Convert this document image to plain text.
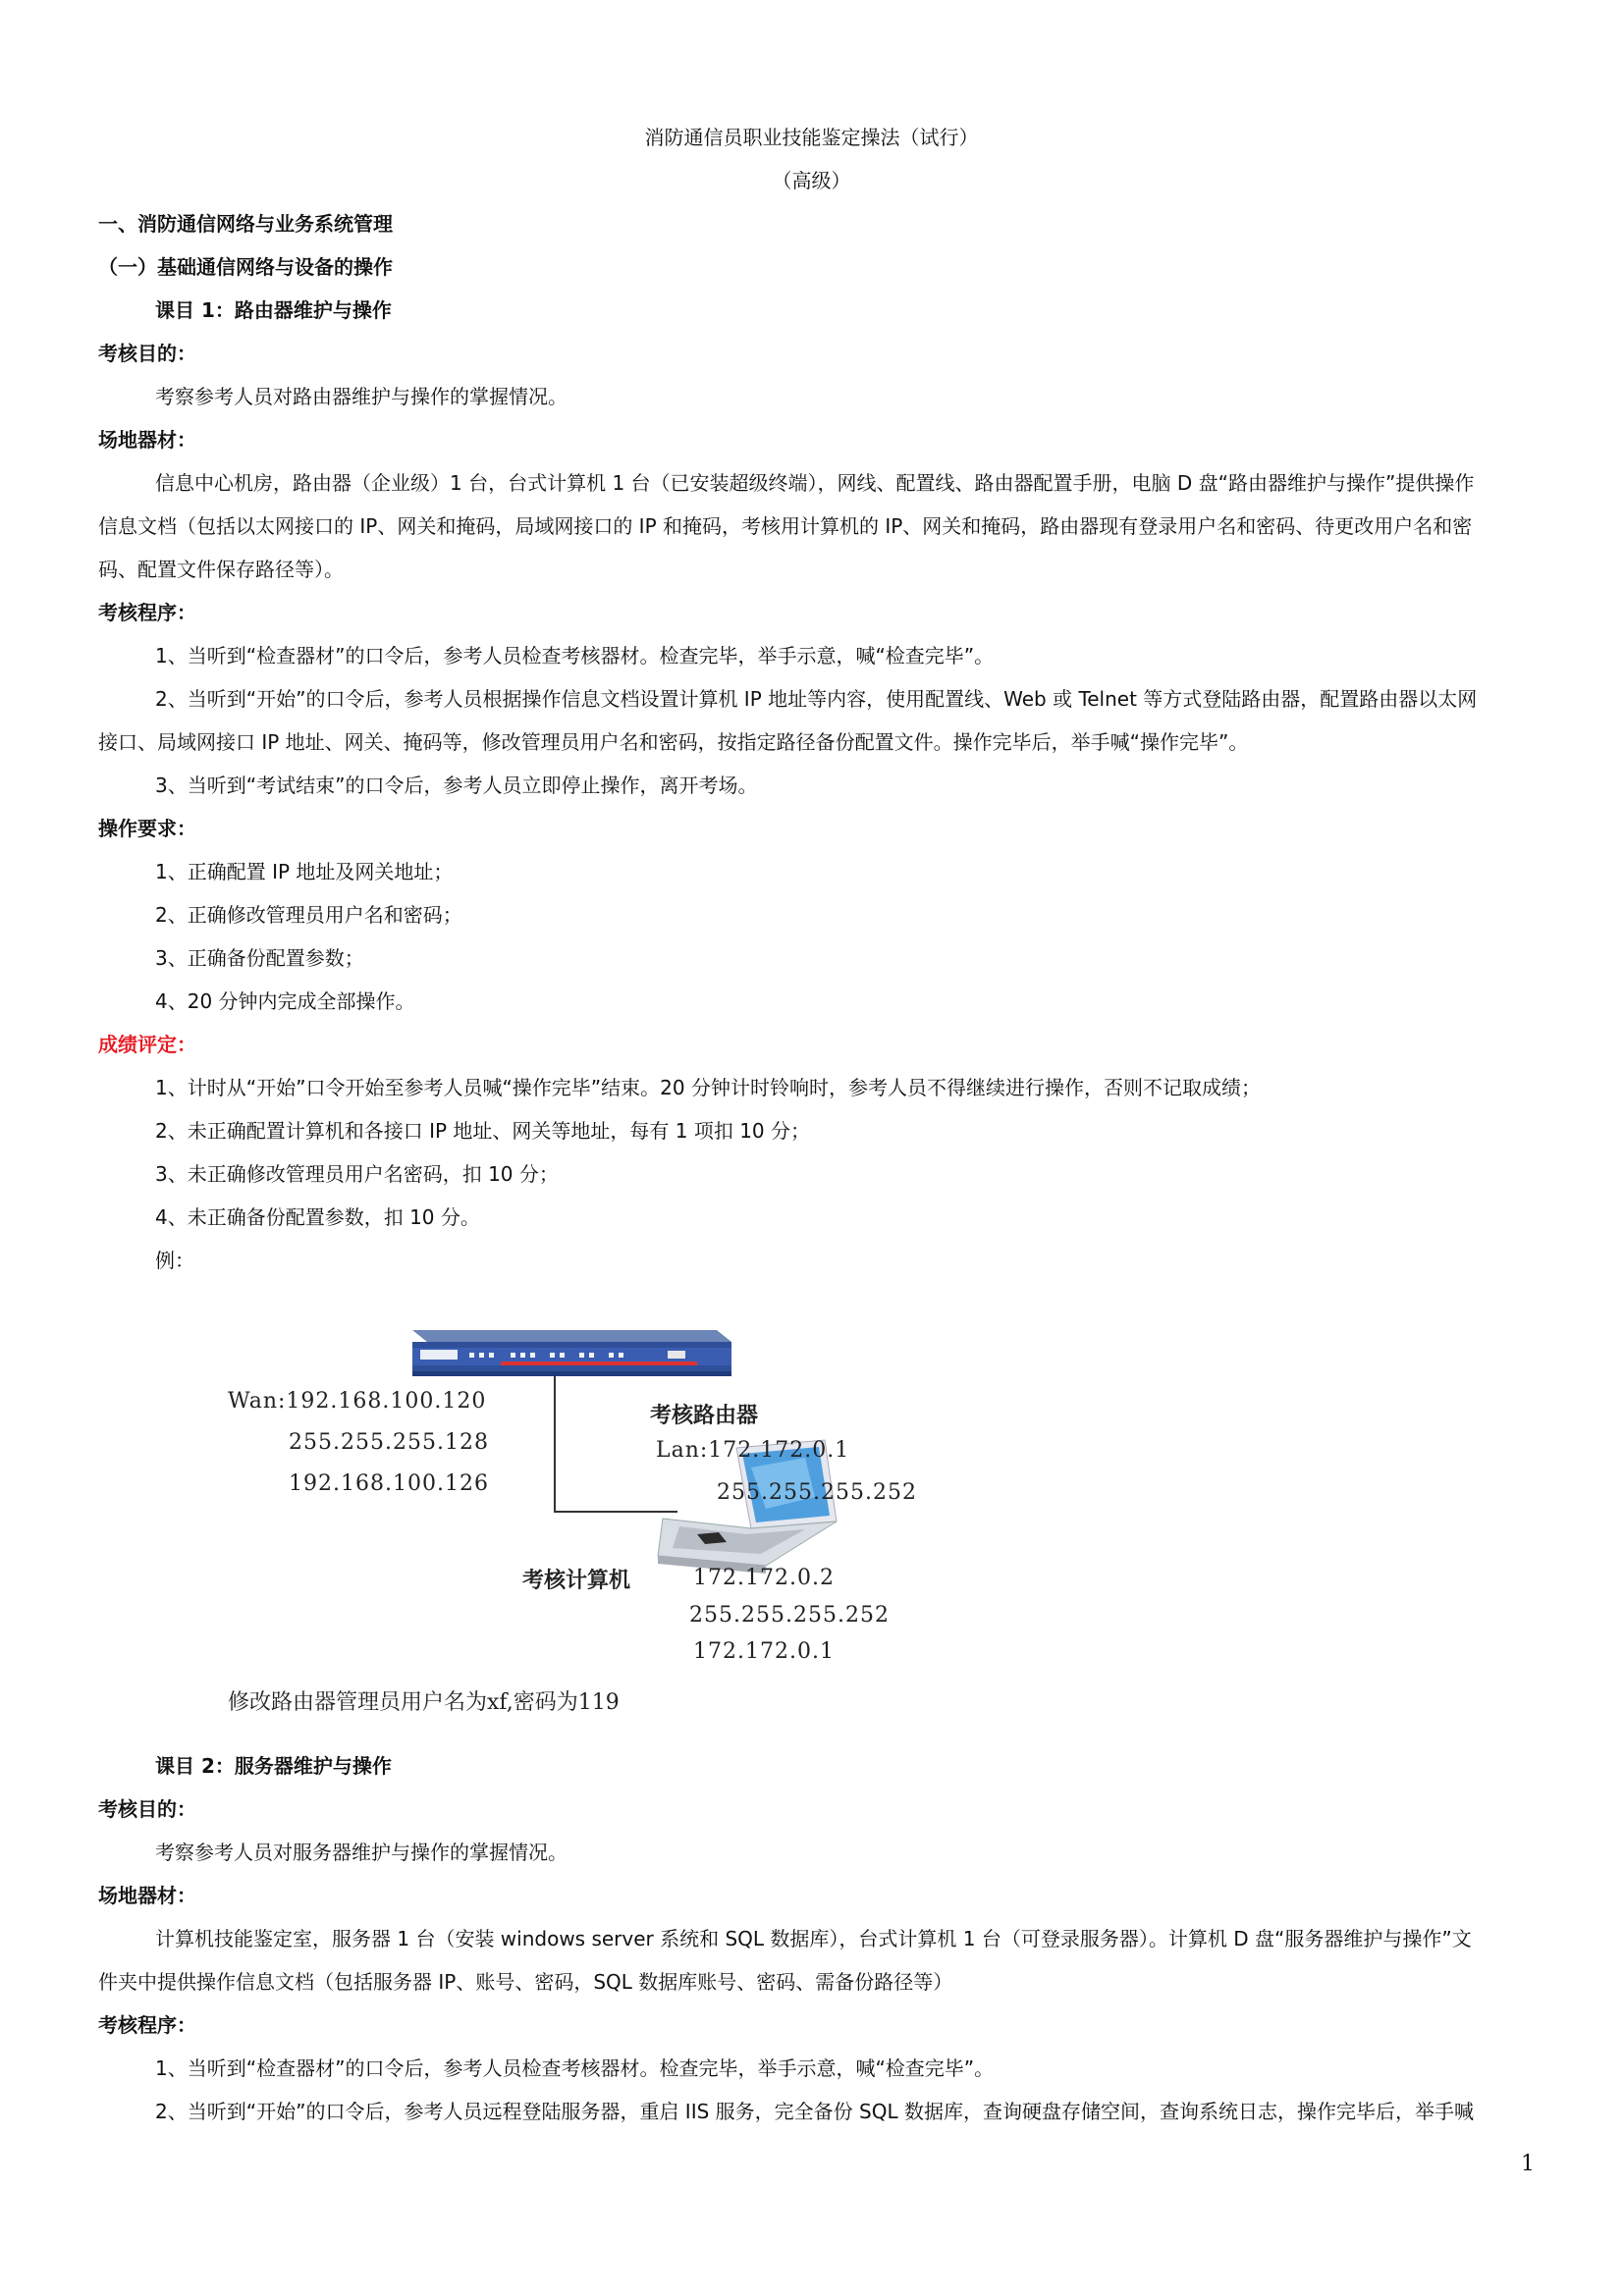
消防通信员职业技能鉴定操法（试行）
（高级）
一、消防通信网络与业务系统管理
（一）基础通信网络与设备的操作
课目 1：路由器维护与操作
考核目的：
考察参考人员对路由器维护与操作的掌握情况。
场地器材：
信息中心机房，路由器（企业级）1 台，台式计算机 1 台（已安装超级终端），网线、配置线、路由器配置手册，电脑 D 盘“路由器维护与操作”提供操作
信息文档（包括以太网接口的 IP、网关和掩码，局域网接口的 IP 和掩码，考核用计算机的 IP、网关和掩码，路由器现有登录用户名和密码、待更改用户名和密
码、配置文件保存路径等）。
考核程序：
1、当听到“检查器材”的口令后，参考人员检查考核器材。检查完毕，举手示意，喊“检查完毕”。
2、当听到“开始”的口令后，参考人员根据操作信息文档设置计算机 IP 地址等内容，使用配置线、Web 或 Telnet 等方式登陆路由器，配置路由器以太网
接口、局域网接口 IP 地址、网关、掩码等，修改管理员用户名和密码，按指定路径备份配置文件。操作完毕后，举手喊“操作完毕”。
3、当听到“考试结束”的口令后，参考人员立即停止操作，离开考场。
操作要求：
1、正确配置 IP 地址及网关地址；
2、正确修改管理员用户名和密码；
3、正确备份配置参数；
4、20 分钟内完成全部操作。
成绩评定：
1、计时从“开始”口令开始至参考人员喊“操作完毕”结束。20 分钟计时铃响时，参考人员不得继续进行操作，否则不记取成绩；
2、未正确配置计算机和各接口 IP 地址、网关等地址，每有 1 项扣 10 分；
3、未正确修改管理员用户名密码，扣 10 分；
4、未正确备份配置参数，扣 10 分。
例：
Wan:192.168.100.120
255.255.255.128
192.168.100.126
考核路由器
Lan:172.172.0.1
255.255.255.252
考核计算机	172.172.0.2
255.255.255.252
172.172.0.1
修改路由器管理员用户名为xf,密码为119
课目 2：服务器维护与操作
考核目的：
考察参考人员对服务器维护与操作的掌握情况。
场地器材：
计算机技能鉴定室，服务器 1 台（安装 windows server 系统和 SQL 数据库），台式计算机 1 台（可登录服务器）。计算机 D 盘“服务器维护与操作”文
件夹中提供操作信息文档（包括服务器 IP、账号、密码，SQL 数据库账号、密码、需备份路径等）
考核程序：
1、当听到“检查器材”的口令后，参考人员检查考核器材。检查完毕，举手示意，喊“检查完毕”。
2、当听到“开始”的口令后，参考人员远程登陆服务器，重启 IIS 服务，完全备份 SQL 数据库，查询硬盘存储空间，查询系统日志，操作完毕后，举手喊
1
